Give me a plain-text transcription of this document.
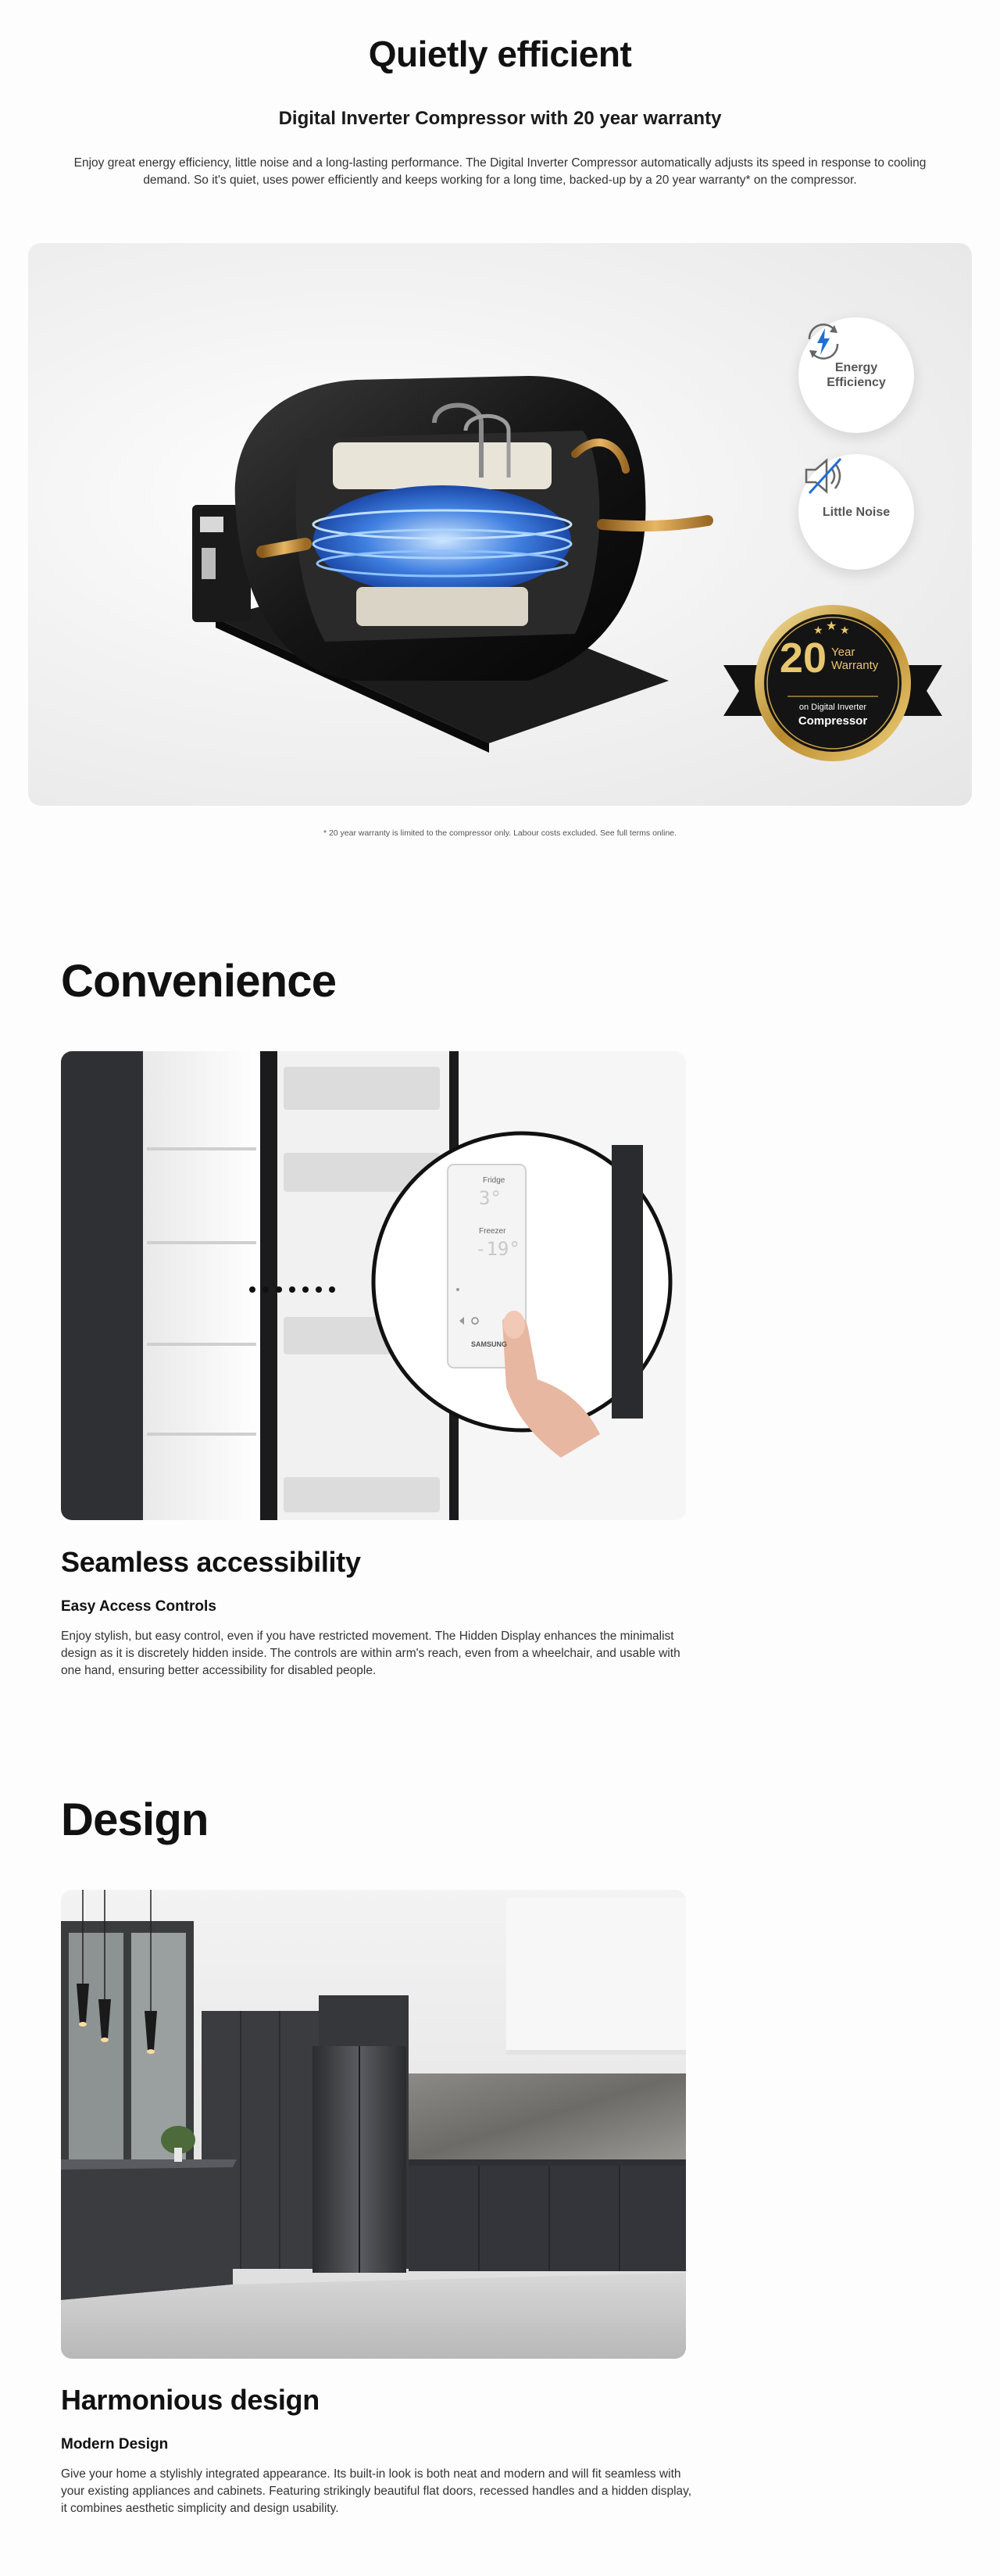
Quietly efficient
Digital Inverter Compressor with 20 year warranty

Enjoy great energy efficiency, little noise and a long-lasting performance. The Digital Inverter Compressor automatically adjusts its speed in response to cooling demand. So it's quiet, uses power efficiently and keeps working for a long time, backed-up by a 20 year warranty* on the compressor.

Energy
Efficiency
Little Noise
★ ★ ★
20 Year
Warranty
on Digital Inverter
Compressor

* 20 year warranty is limited to the compressor only. Labour costs excluded. See full terms online.

Convenience
Fridge
3°
Freezer
-19°
SAMSUNG
Seamless accessibility
Easy Access Controls

Enjoy stylish, but easy control, even if you have restricted movement. The Hidden Display enhances the minimalist design as it is discretely hidden inside. The controls are within arm's reach, even from a wheelchair, and usable with one hand, ensuring better accessibility for disabled people.

Design
Harmonious design
Modern Design

Give your home a stylishly integrated appearance. Its built-in look is both neat and modern and will fit seamless with your existing appliances and cabinets. Featuring strikingly beautiful flat doors, recessed handles and a hidden display, it combines aesthetic simplicity and design usability.
